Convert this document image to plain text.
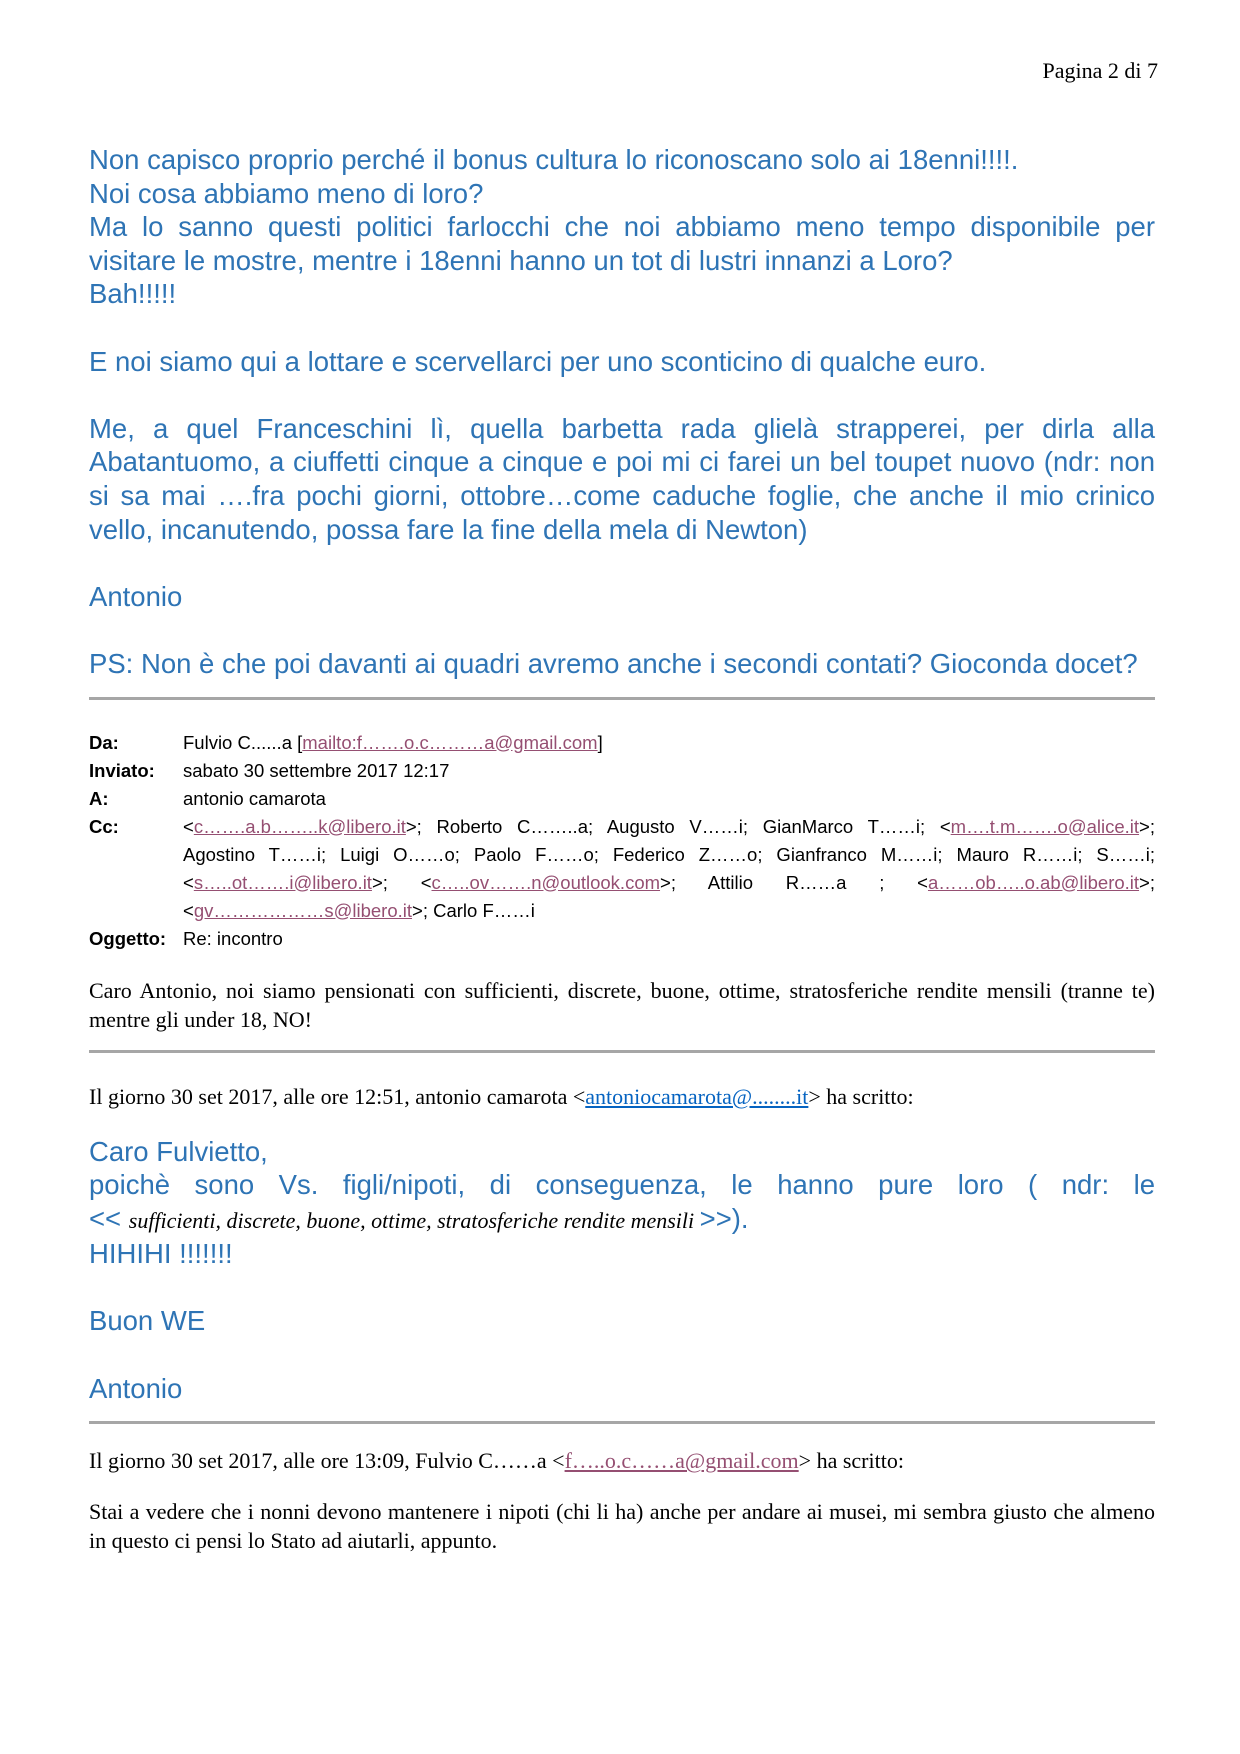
Pagina 2 di 7

Non capisco proprio perché il bonus cultura lo riconoscano solo ai 18enni!!!!.

Noi cosa abbiamo meno di loro?

Ma lo sanno questi politici farlocchi che noi abbiamo meno tempo disponibile per visitare le mostre, mentre i 18enni hanno un tot di lustri innanzi a Loro?

Bah!!!!!

E noi siamo qui a lottare e scervellarci per uno sconticino di qualche euro.

Me, a quel Franceschini lì, quella barbetta rada glielà strapperei, per dirla alla Abatantuomo, a ciuffetti cinque a cinque e poi mi ci farei un bel toupet nuovo (ndr: non si sa mai ….fra pochi giorni, ottobre…come caduche foglie, che anche il mio crinico vello, incanutendo, possa fare la fine della mela di Newton)

Antonio

PS: Non è che poi davanti ai quadri avremo anche i secondi contati? Gioconda docet?

Da:	Fulvio C......a [mailto:f…….o.c………a@gmail.com]
Inviato:	sabato 30 settembre 2017 12:17
A:	antonio camarota
Cc:	<c…….a.b……..k@libero.it>; Roberto C……..a; Augusto V……i; GianMarco T……i; <m….t.m…….o@alice.it>; Agostino T……i; Luigi O……o; Paolo F……o; Federico Z……o; Gianfranco M……i; Mauro R……i; S……i; <s…..ot…….i@libero.it>; <c…..ov…….n@outlook.com>; Attilio R……a ; <a……ob…..o.ab@libero.it>; <gv………………s@libero.it>; Carlo F……i
Oggetto: Re: incontro

Caro Antonio, noi siamo pensionati con sufficienti, discrete, buone, ottime, stratosferiche rendite mensili (tranne te) mentre gli under 18, NO!

Il giorno 30 set 2017, alle ore 12:51, antonio camarota <antoniocamarota@........it> ha scritto:

Caro Fulvietto,

poichè sono Vs. figli/nipoti, di conseguenza, le hanno pure loro ( ndr: le

<< sufficienti, discrete, buone, ottime, stratosferiche rendite mensili >>).

HIHIHI !!!!!!!

Buon WE

Antonio

Il giorno 30 set 2017, alle ore 13:09, Fulvio C……a <f…..o.c……a@gmail.com> ha scritto:

Stai a vedere che i nonni devono mantenere i nipoti (chi li ha) anche per andare ai musei, mi sembra giusto che almeno in questo ci pensi lo Stato ad aiutarli, appunto.
